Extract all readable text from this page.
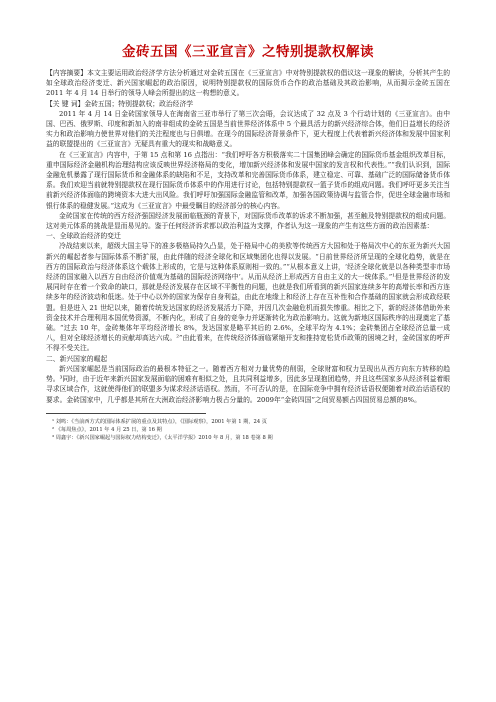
金砖五国《三亚宣言》之特别提款权解读

【内容摘要】本文主要运用政治经济学方法分析通过对金砖五国在《三亚宣言》中对特别提款权的倡议这一现象的解读，分析其产生的如全球政治经济变迁、新兴国家崛起的政治原因，说明特别提款权的国际货币合作的政治基础及其政治影响，从而揭示金砖五国在 2011 年 4 月 14 日举行的领导人峰会所提出的这一构想的意义。

【关 键 词】金砖五国；特别提款权；政治经济学

2011 年 4 月 14 日金砖国家领导人在海南省三亚市举行了第三次会晤，会议达成了 32 点及 3 个行动计划的《三亚宣言》。由中国、巴西、俄罗斯、印度和新加入的南非组成的金砖五国是当前世界经济体系中 5 个最具活力的新兴经济综合体，他们日益增长的经济实力和政治影响力使世界对他们的关注程度也与日俱增。在现今的国际经济背景条件下，更大程度上代表着新兴经济体和发展中国家利益的联盟提出的《三亚宣言》无疑具有重大的现实和战略意义。

在《三亚宣言》内容中，于第 15 点和第 16 点指出：“我们呼吁各方积极落实二十国集团峰会确定的国际货币基金组织改革目标，重申国际经济金融机构治理结构应该反映世界经济格局的变化，增加新兴经济体和发展中国家的发言权和代表性。”“我们认识到，国际金融危机暴露了现行国际货币和金融体系的缺陷和不足，支持改革和完善国际货币体系，建立稳定、可靠、基础广泛的国际储备货币体系。我们欢迎当前就特别提款权在现行国际货币体系中的作用进行讨论，包括特别提款权一篮子货币的组成问题。我们呼吁更多关注当前新兴经济体面临的跨境资本大进大出风险。我们呼吁加强国际金融监管和改革，加强各国政策协调与监管合作，促进全球金融市场和银行体系的稳健发展。”这成为《三亚宣言》中最受瞩目的经济部分的核心内容。

金砖国家在传统的西方经济强国经济发展面临瓶颈的背景下，对国际货币改革的诉求不断加强，甚至触及特别提款权的组成问题。这对美元体系的挑战是显而易见的。鉴于任何经济诉求都以政治利益为支撑，作者认为这一现象的产生有这些方面的政治因素基：

一、全球政治经济的变迁

冷战结束以来，超级大国主导下的准多极格局持久凸显，处于格局中心的美欧等传统西方大国和处于格局次中心的东亚为新兴大国新兴的崛起者参与国际体系不断扩展，由此伴随的经济全球化和区域集团化也得以发展。“日前世界经济所呈现的全球化趋势，就是在西方的国际政治与经济体系这个载体上形成的，它是与这种体系原则相一致的。”“从根本意义上讲，‘经济全球化就是以各种类型非市场经济的国家融入以西方自由经济价值观为基础的国际经济网络中’。从而从经济上形成西方自由主义的大一统体系。”¹但是世界经济的发展同时存在着一个致命的缺口，那就是经济发展存在区域不平衡性的问题，也就是我们所看到的新兴国家连续多年的高增长率和西方连续多年的经济波动和低迷。处于中心以外的国家为保存自身利益，由此在地缘上和经济上存在互补性和合作基础的国家就会形成政经联盟。但是进入 21 世纪以来，随着传统发达国家的经济发展活力下降，并因几次金融危机而损失惨重。相比之下，新的经济体借助外来资金技术并合理利用本国优势资源，不断内化，形成了自身的竞争力并逐渐转化为政治影响力。这就为新地区国际秩序的出现奠定了基础。“过去 10 年，金砖集体年平均经济增长 8%，发达国家是略平其后的 2.6%，全球平均为 4.1%；金砖集团占全球经济总量一成八，但对全球经济增长的贡献却高达六成。²”由此看来，在传统经济体面临紧缩开支和推持宽松货币政策的困境之时，金砖国家的呼声不得不受关注。

二、新兴国家的崛起

新兴国家崛起是当前国际政治的最根本特征之一。随着西方相对力量优势的削弱，全球财富和权力呈现出从西方向东方转移的趋势。³同时，由于近年来新兴国家发展面临的困难有相似之处，且共同利益增多，因此多呈现抱团趋势，并且这些国家多从经济利益着眼寻求区域合作，这就使得他们的联盟多为谋求经济话语权。然而，不可否认的是，在国际竞争中拥有经济话语权便随着对政治话语权的要求。金砖国家中，几乎都是其所在大洲政治经济影响力极占分量的。2009年“金砖四国”之间贸易额占四国贸易总额的8%。

¹ 刘鸣：《当前西方式的国际体系扩展的重点及其特点》，《国际观察》，2001 年第 1 期，24 页

² 《每周焦点》，2011 年 4 月 25 日，第 16 期

³ 周鑫宇：《新兴国家崛起与国际权力结构变迁》，《太平洋学报》2010 年 8 月，第 18 卷第 8 期
